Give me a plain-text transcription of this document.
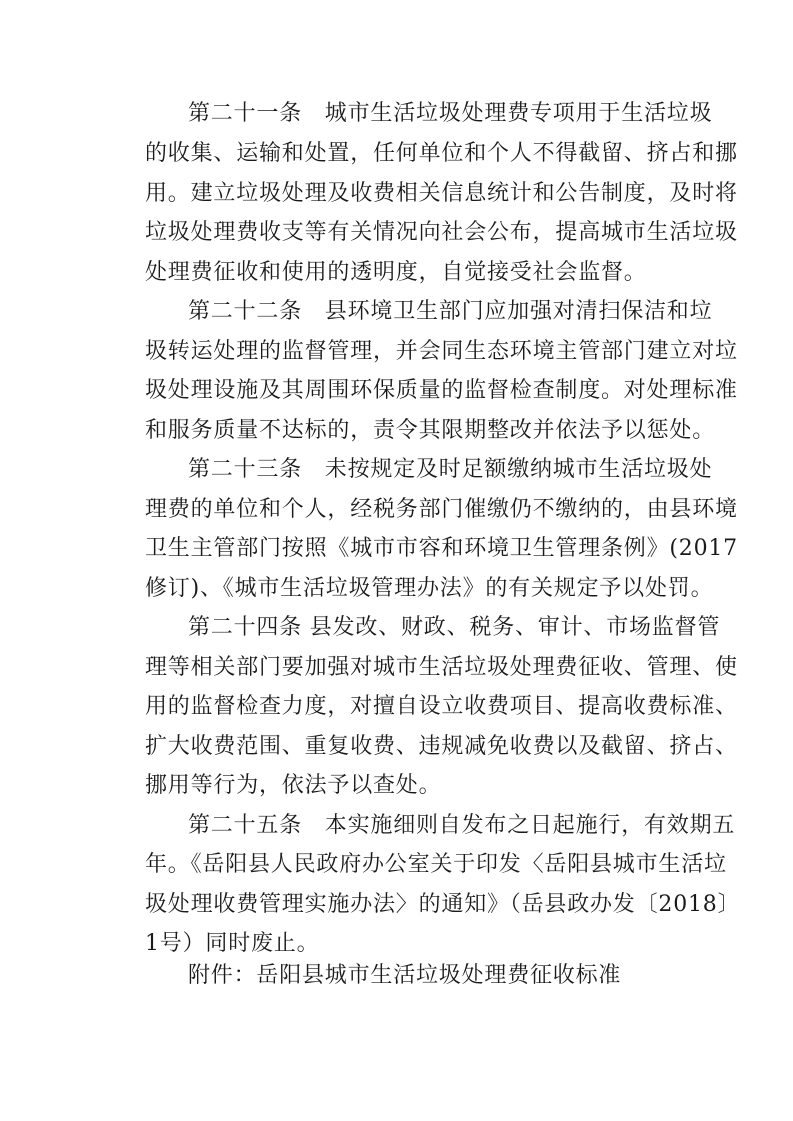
第二十一条　城市生活垃圾处理费专项用于生活垃圾
的收集、运输和处置，任何单位和个人不得截留、挤占和挪
用。建立垃圾处理及收费相关信息统计和公告制度，及时将
垃圾处理费收支等有关情况向社会公布，提高城市生活垃圾
处理费征收和使用的透明度，自觉接受社会监督。
第二十二条　县环境卫生部门应加强对清扫保洁和垃
圾转运处理的监督管理，并会同生态环境主管部门建立对垃
圾处理设施及其周围环保质量的监督检查制度。对处理标准
和服务质量不达标的，责令其限期整改并依法予以惩处。
第二十三条　未按规定及时足额缴纳城市生活垃圾处
理费的单位和个人，经税务部门催缴仍不缴纳的，由县环境
卫生主管部门按照《城市市容和环境卫生管理条例》(2017
修订)、《城市生活垃圾管理办法》的有关规定予以处罚。
第二十四条 县发改、财政、税务、审计、市场监督管
理等相关部门要加强对城市生活垃圾处理费征收、管理、使
用的监督检查力度，对擅自设立收费项目、提高收费标准、
扩大收费范围、重复收费、违规减免收费以及截留、挤占、
挪用等行为，依法予以查处。
第二十五条　本实施细则自发布之日起施行，有效期五
年。《岳阳县人民政府办公室关于印发〈岳阳县城市生活垃
圾处理收费管理实施办法〉的通知》（岳县政办发〔2018〕
1号）同时废止。
附件：岳阳县城市生活垃圾处理费征收标准
